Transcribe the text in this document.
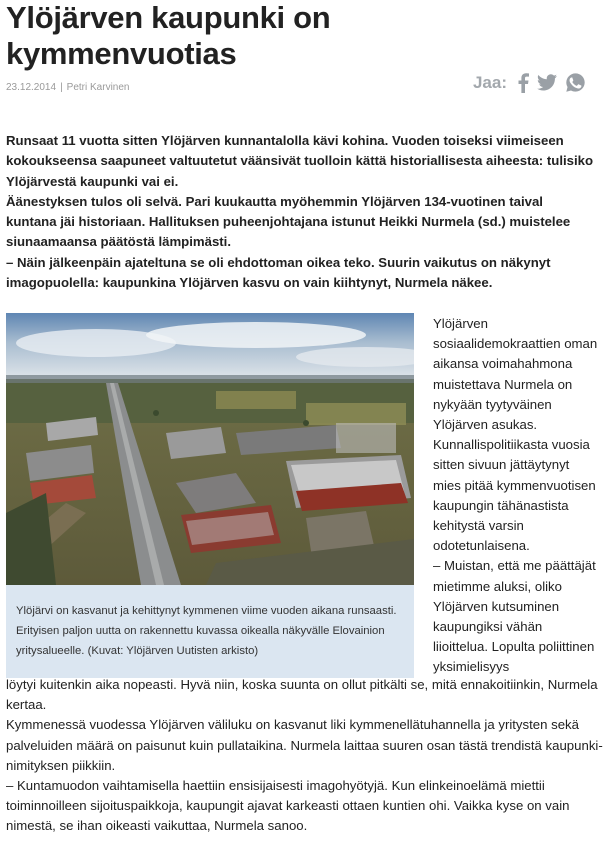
Ylöjärven kaupunki on kymmenvuotias
23.12.2014 | Petri Karvinen	Jaa:

Runsaat 11 vuotta sitten Ylöjärven kunnantalolla kävi kohina. Vuoden toiseksi viimeiseen kokoukseensa saapuneet valtuutetut väänsivät tuolloin kättä historiallisesta aiheesta: tulisiko Ylöjärvestä kaupunki vai ei.

Äänestyksen tulos oli selvä. Pari kuukautta myöhemmin Ylöjärven 134-vuotinen taival kuntana jäi historiaan. Hallituksen puheenjohtajana istunut Heikki Nurmela (sd.) muistelee siunaamaansa päätöstä lämpimästi.

– Näin jälkeenpäin ajateltuna se oli ehdottoman oikea teko. Suurin vaikutus on näkynyt imagopuolella: kaupunkina Ylöjärven kasvu on vain kiihtynyt, Nurmela näkee.

Ylöjärvi on kasvanut ja kehittynyt kymmenen viime vuoden aikana runsaasti. Erityisen paljon uutta on rakennettu kuvassa oikealla näkyvälle Elovainion yritysalueelle. (Kuvat: Ylöjärven Uutisten arkisto)

Ylöjärven sosiaalidemokraattien oman aikansa voimahahmona muistettava Nurmela on nykyään tyytyväinen Ylöjärven asukas. Kunnallispolitiikasta vuosia sitten sivuun jättäytynyt mies pitää kymmenvuotisen kaupungin tähänastista kehitystä varsin odotetunlaisena.

– Muistan, että me päättäjät mietimme aluksi, oliko Ylöjärven kutsuminen kaupungiksi vähän liioittelua. Lopulta poliittinen yksimielisyys

löytyi kuitenkin aika nopeasti. Hyvä niin, koska suunta on ollut pitkälti se, mitä ennakoitiinkin, Nurmela kertaa.

Kymmenessä vuodessa Ylöjärven väliluku on kasvanut liki kymmenellätuhannella ja yritysten sekä palveluiden määrä on paisunut kuin pullataikina. Nurmela laittaa suuren osan tästä trendistä kaupunki-nimityksen piikkiin.

– Kuntamuodon vaihtamisella haettiin ensisijaisesti imagohyötyjä. Kun elinkeinoelämä miettii toiminnoilleen sijoituspaikkoja, kaupungit ajavat karkeasti ottaen kuntien ohi. Vaikka kyse on vain nimestä, se ihan oikeasti vaikuttaa, Nurmela sanoo.
